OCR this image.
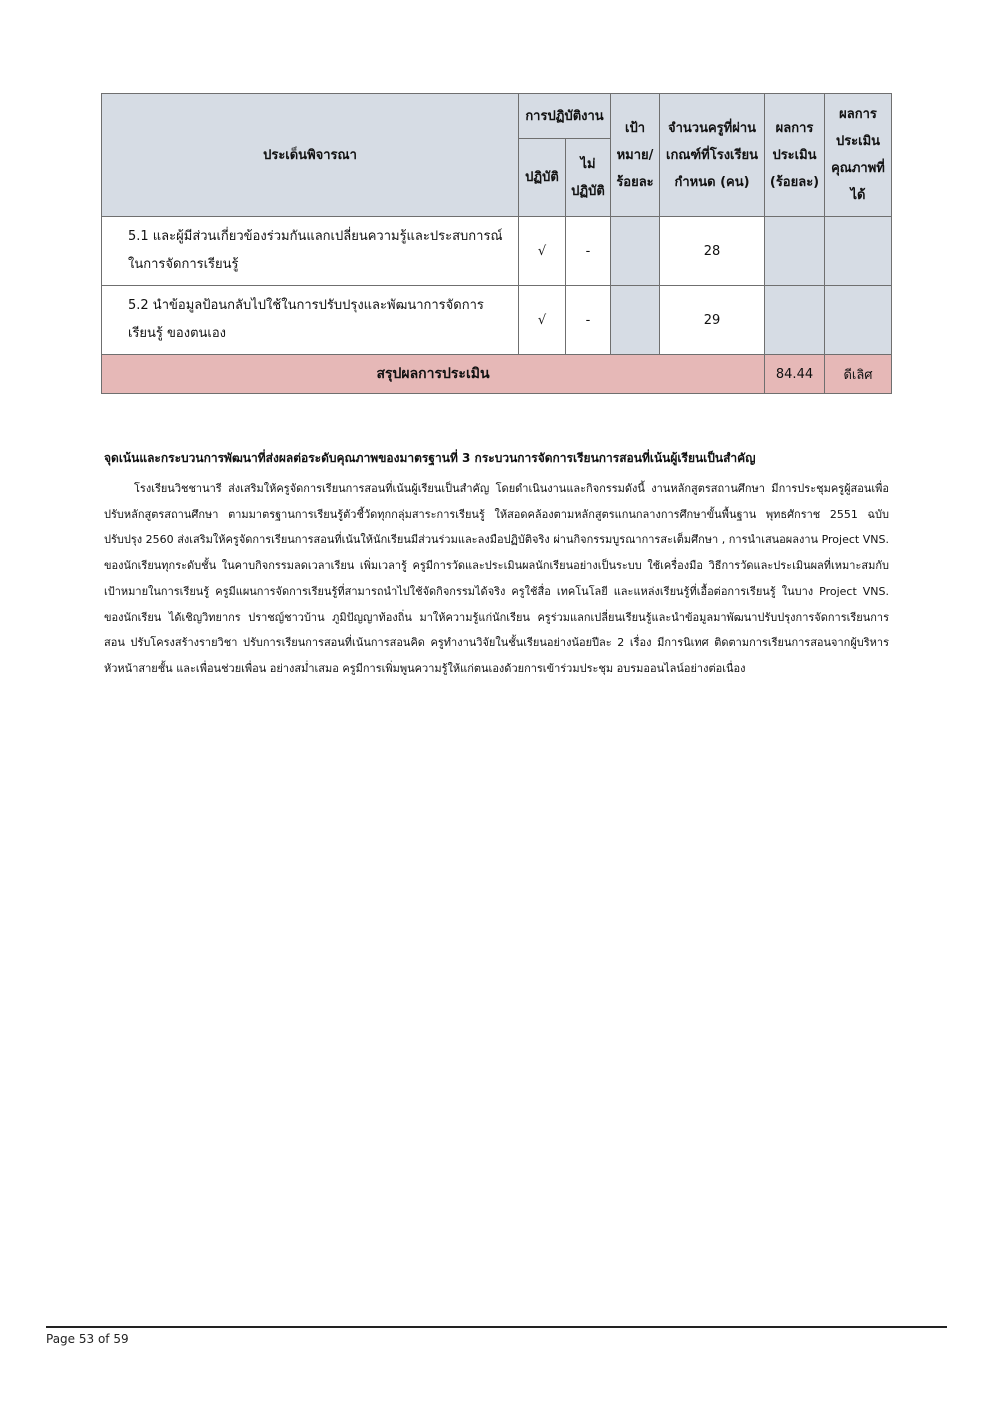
ประเด็นพิจารณา	การปฏิบัติงาน		เป้า หมาย/ ร้อยละ	จำนวนครูที่ผ่าน เกณฑ์ที่โรงเรียน กำหนด (คน)	ผลการ ประเมิน (ร้อยละ)	ผลการ ประเมิน คุณภาพที่ ได้
	ปฏิบัติ	ไม่ ปฏิบัติ				
5.1 และผู้มีส่วนเกี่ยวข้องร่วมกันแลกเปลี่ยนความรู้และประสบการณ์ ในการจัดการเรียนรู้	√	-		28		
5.2 นำข้อมูลป้อนกลับไปใช้ในการปรับปรุงและพัฒนาการจัดการเรียนรู้ ของตนเอง	√	-		29		
สรุปผลการประเมิน					84.44	ดีเลิศ
จุดเน้นและกระบวนการพัฒนาที่ส่งผลต่อระดับคุณภาพของมาตรฐานที่ 3 กระบวนการจัดการเรียนการสอนที่เน้นผู้เรียนเป็นสำคัญ

โรงเรียนวิชชานารี ส่งเสริมให้ครูจัดการเรียนการสอนที่เน้นผู้เรียนเป็นสำคัญ โดยดำเนินงานและกิจกรรมดังนี้ งานหลักสูตรสถานศึกษา มีการประชุมครูผู้สอนเพื่อปรับหลักสูตรสถานศึกษา ตามมาตรฐานการเรียนรู้ตัวชี้วัดทุกกลุ่มสาระการเรียนรู้ ให้สอดคล้องตามหลักสูตรแกนกลางการศึกษาขั้นพื้นฐาน พุทธศักราช 2551 ฉบับปรับปรุง 2560 ส่งเสริมให้ครูจัดการเรียนการสอนที่เน้นให้นักเรียนมีส่วนร่วมและลงมือปฏิบัติจริง ผ่านกิจกรรมบูรณาการสะเต็มศึกษา , การนำเสนอผลงาน Project VNS. ของนักเรียนทุกระดับชั้น ในคาบกิจกรรมลดเวลาเรียน เพิ่มเวลารู้ ครูมีการวัดและประเมินผลนักเรียนอย่างเป็นระบบ ใช้เครื่องมือ วิธีการวัดและประเมินผลที่เหมาะสมกับเป้าหมายในการเรียนรู้ ครูมีแผนการจัดการเรียนรู้ที่สามารถนำไปใช้จัดกิจกรรมได้จริง ครูใช้สื่อ เทคโนโลยี และแหล่งเรียนรู้ที่เอื้อต่อการเรียนรู้ ในบาง Project VNS. ของนักเรียน ได้เชิญวิทยากร ปราชญ์ชาวบ้าน ภูมิปัญญาท้องถิ่น มาให้ความรู้แก่นักเรียน ครูร่วมแลกเปลี่ยนเรียนรู้และนำข้อมูลมาพัฒนาปรับปรุงการจัดการเรียนการสอน ปรับโครงสร้างรายวิชา ปรับการเรียนการสอนที่เน้นการสอนคิด ครูทำงานวิจัยในชั้นเรียนอย่างน้อยปีละ 2 เรื่อง มีการนิเทศ ติดตามการเรียนการสอนจากผู้บริหาร หัวหน้าสายชั้น และเพื่อนช่วยเพื่อน อย่างสม่ำเสมอ ครูมีการเพิ่มพูนความรู้ให้แก่ตนเองด้วยการเข้าร่วมประชุม อบรมออนไลน์อย่างต่อเนื่อง

Page 53 of 59
